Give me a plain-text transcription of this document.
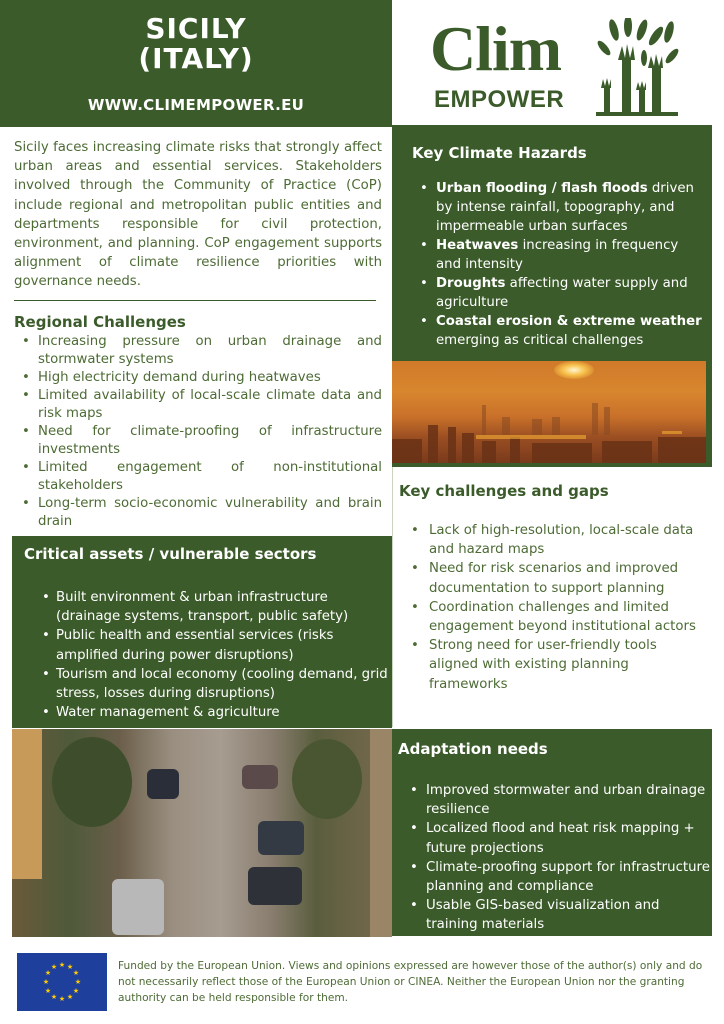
SICILY
(ITALY)
WWW.CLIMEMPOWER.EU
Clim
EMPOWER
Sicily faces increasing climate risks that strongly affect urban areas and essential services. Stakeholders involved through the Community of Practice (CoP) include regional and metropolitan public entities and departments responsible for civil protection, environment, and planning. CoP engagement supports alignment of climate resilience priorities with governance needs.
Regional Challenges
• Increasing pressure on urban drainage and stormwater systems
• High electricity demand during heatwaves
• Limited availability of local-scale climate data and risk maps
• Need for climate-proofing of infrastructure investments
• Limited engagement of non-institutional stakeholders
• Long-term socio-economic vulnerability and brain drain
Key Climate Hazards
• Urban flooding / flash floods driven by intense rainfall, topography, and impermeable urban surfaces
• Heatwaves increasing in frequency and intensity
• Droughts affecting water supply and agriculture
• Coastal erosion & extreme weather emerging as critical challenges
Key challenges and gaps
• Lack of high-resolution, local-scale data and hazard maps
• Need for risk scenarios and improved documentation to support planning
• Coordination challenges and limited engagement beyond institutional actors
• Strong need for user-friendly tools aligned with existing planning frameworks
Critical assets / vulnerable sectors
• Built environment & urban infrastructure (drainage systems, transport, public safety)
• Public health and essential services (risks amplified during power disruptions)
• Tourism and local economy (cooling demand, grid stress, losses during disruptions)
• Water management & agriculture
Adaptation needs
• Improved stormwater and urban drainage resilience
• Localized flood and heat risk mapping + future projections
• Climate-proofing support for infrastructure planning and compliance
• Usable GIS-based visualization and training materials
★ ★
★
★
★
★
★
★
★
★
★
★	Funded by the European Union. Views and opinions expressed are however those of the author(s) only and do not necessarily reflect those of the European Union or CINEA. Neither the European Union nor the granting authority can be held responsible for them.
